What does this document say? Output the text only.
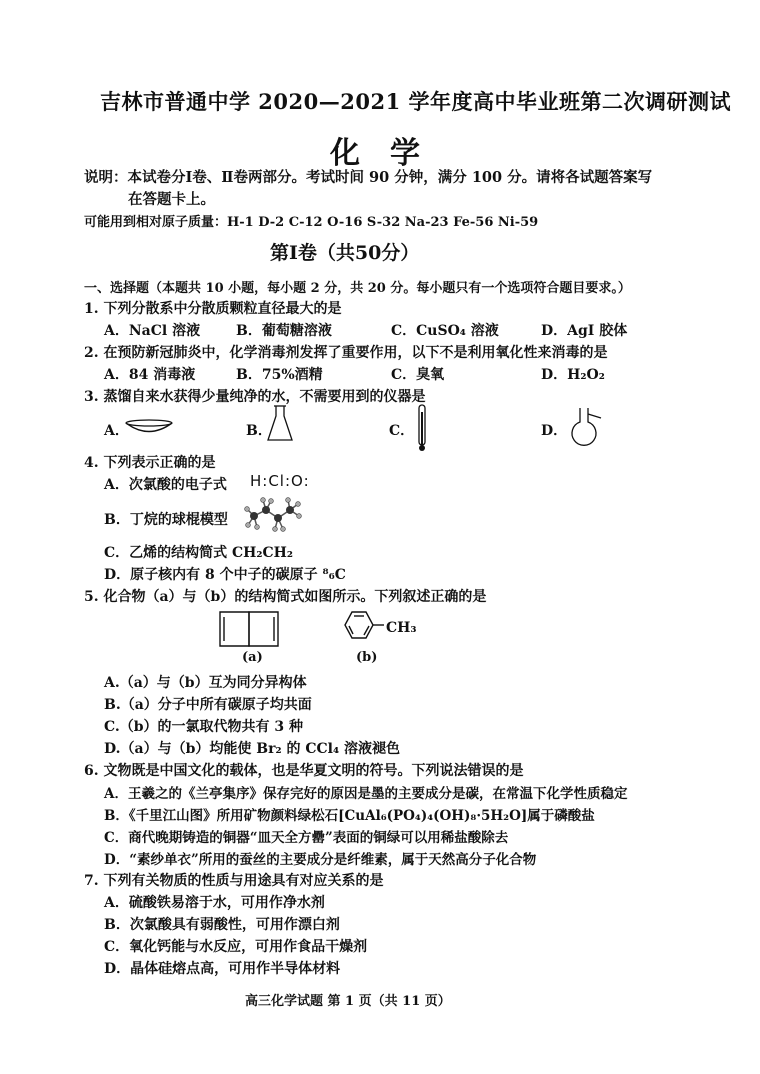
吉林市普通中学 2020—2021 学年度高中毕业班第二次调研测试
化学
说明：本试卷分Ⅰ卷、Ⅱ卷两部分。考试时间 90 分钟，满分 100 分。请将各试题答案写
在答题卡上。
可能用到相对原子质量：H-1 D-2 C-12 O-16 S-32 Na-23 Fe-56 Ni-59
第Ⅰ卷（共50分）
一、选择题（本题共 10 小题，每小题 2 分，共 20 分。每小题只有一个选项符合题目要求。）
1. 下列分散系中分散质颗粒直径最大的是
A．NaCl 溶液	B．葡萄糖溶液	C．CuSO₄ 溶液	D．AgI 胶体
2. 在预防新冠肺炎中，化学消毒剂发挥了重要作用，以下不是利用氧化性来消毒的是
A．84 消毒液	B．75%酒精	C．臭氧	D．H₂O₂
3. 蒸馏自来水获得少量纯净的水，不需要用到的仪器是
A．	B．	C．	D．
4. 下列表示正确的是
A．次氯酸的电子式 H:Cl:O:
B．丁烷的球棍模型
C．乙烯的结构简式 CH₂CH₂
D．原子核内有 8 个中子的碳原子 ⁸₆C
5. 化合物（a）与（b）的结构简式如图所示。下列叙述正确的是
(a)
CH₃
(b)
A.（a）与（b）互为同分异构体
B.（a）分子中所有碳原子均共面
C.（b）的一氯取代物共有 3 种
D.（a）与（b）均能使 Br₂ 的 CCl₄ 溶液褪色
6. 文物既是中国文化的载体，也是华夏文明的符号。下列说法错误的是
A．王羲之的《兰亭集序》保存完好的原因是墨的主要成分是碳，在常温下化学性质稳定
B．《千里江山图》所用矿物颜料绿松石[CuAl₆(PO₄)₄(OH)₈·5H₂O]属于磷酸盐
C．商代晚期铸造的铜器“皿天全方罍”表面的铜绿可以用稀盐酸除去
D．“素纱单衣”所用的蚕丝的主要成分是纤维素，属于天然高分子化合物
7. 下列有关物质的性质与用途具有对应关系的是
A．硫酸铁易溶于水，可用作净水剂
B．次氯酸具有弱酸性，可用作漂白剂
C．氧化钙能与水反应，可用作食品干燥剂
D．晶体硅熔点高，可用作半导体材料
高三化学试题 第 1 页（共 11 页）
